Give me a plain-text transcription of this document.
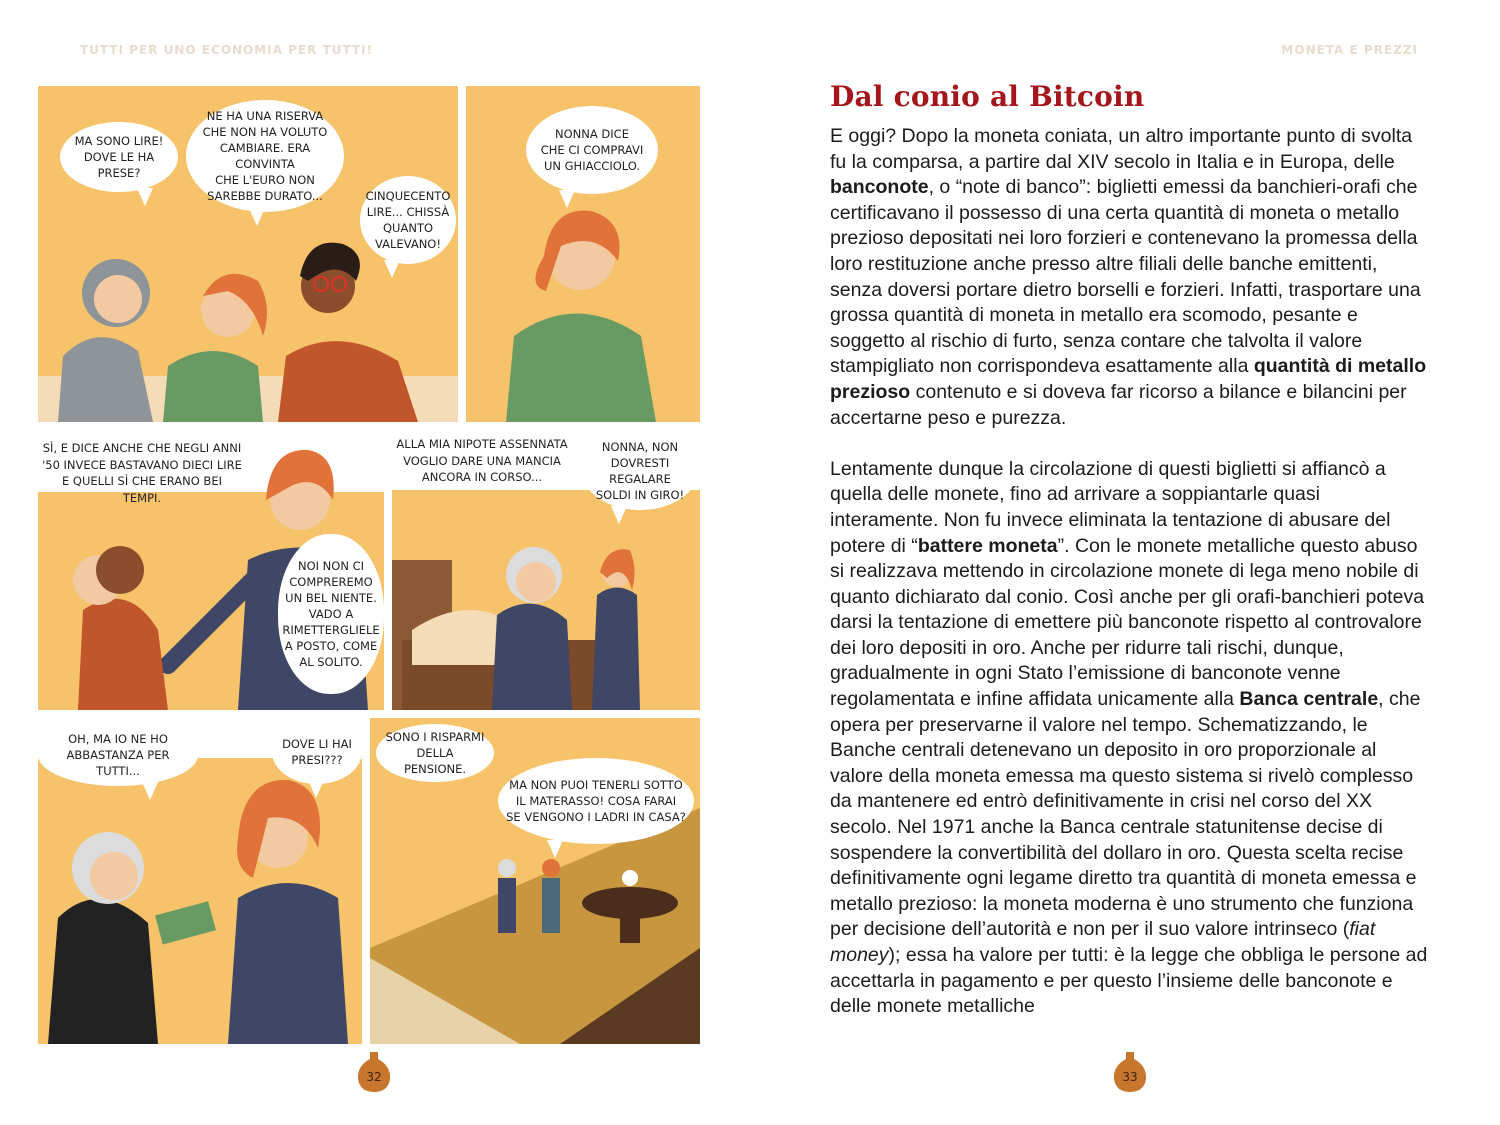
TUTTI PER UNO ECONOMIA PER TUTTI!	MONETA E PREZZI
MA SONO LIRE!
DOVE LE HA PRESE?
NE HA UNA RISERVA
CHE NON HA VOLUTO
CAMBIARE. ERA CONVINTA
CHE L'EURO NON
SAREBBE DURATO...	CINQUECENTO
LIRE... CHISSÀ
QUANTO
VALEVANO!
NONNA DICE
CHE CI COMPRAVI
UN GHIACCIOLO.
SÌ, E DICE ANCHE CHE NEGLI ANNI
'50 INVECE BASTAVANO DIECI LIRE
E QUELLI SÌ CHE ERANO BEI TEMPI.
NOI NON CI
COMPREREMO
UN BEL NIENTE.
VADO A
RIMETTERGLIELE
A POSTO, COME
AL SOLITO.
ALLA MIA NIPOTE ASSENNATA
VOGLIO DARE UNA MANCIA
ANCORA IN CORSO...
NONNA, NON
DOVRESTI REGALARE
SOLDI IN GIRO!
OH, MA IO NE HO
ABBASTANZA PER TUTTI...
DOVE LI HAI
PRESI???
SONO I RISPARMI
DELLA PENSIONE.
MA NON PUOI TENERLI SOTTO
IL MATERASSO! COSA FARAI
SE VENGONO I LADRI IN CASA?
32	33
Dal conio al Bitcoin

E oggi? Dopo la moneta coniata, un altro importante punto di svolta fu la comparsa, a partire dal XIV secolo in Italia e in Europa, delle banconote, o “note di banco”: biglietti emessi da banchieri-orafi che certificavano il possesso di una certa quantità di moneta o metallo prezioso depositati nei loro forzieri e contenevano la promessa della loro restituzione anche presso altre filiali delle banche emittenti, senza doversi portare dietro borselli e forzieri. Infatti, trasportare una grossa quantità di moneta in metallo era scomodo, pesante e soggetto al rischio di furto, senza contare che talvolta il valore stampigliato non corrispondeva esattamente alla quantità di metallo prezioso contenuto e si doveva far ricorso a bilance e bilancini per accertarne peso e purezza.

Lentamente dunque la circolazione di questi biglietti si affiancò a quella delle monete, fino ad arrivare a soppiantarle quasi interamente. Non fu invece eliminata la tentazione di abusare del potere di “battere moneta”. Con le monete metalliche questo abuso si realizzava mettendo in circolazione monete di lega meno nobile di quanto dichiarato dal conio. Così anche per gli orafi-banchieri poteva darsi la tentazione di emettere più banconote rispetto al controvalore dei loro depositi in oro. Anche per ridurre tali rischi, dunque, gradualmente in ogni Stato l’emissione di banconote venne regolamentata e infine affidata unicamente alla Banca centrale, che opera per preservarne il valore nel tempo. Schematizzando, le Banche centrali detenevano un deposito in oro proporzionale al valore della moneta emessa ma questo sistema si rivelò complesso da mantenere ed entrò definitivamente in crisi nel corso del XX secolo. Nel 1971 anche la Banca centrale statunitense decise di sospendere la convertibilità del dollaro in oro. Questa scelta recise definitivamente ogni legame diretto tra quantità di moneta emessa e metallo prezioso: la moneta moderna è uno strumento che funziona per decisione dell’autorità e non per il suo valore intrinseco (fiat money); essa ha valore per tutti: è la legge che obbliga le persone ad accettarla in pagamento e per questo l’insieme delle banconote e delle monete metalliche
